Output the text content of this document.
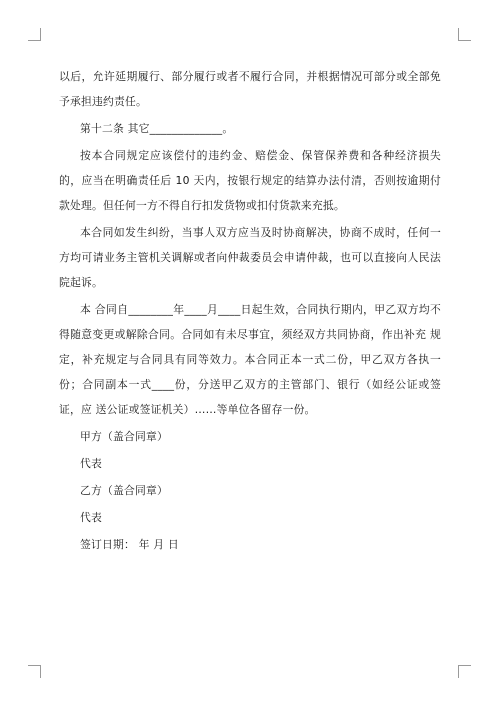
以后，允许延期履行、部分履行或者不履行合同，并根据情况可部分或全部免予承担违约责任。

第十二条 其它_____________。

按本合同规定应该偿付的违约金、赔偿金、保管保养费和各种经济损失的，应当在明确责任后 10 天内，按银行规定的结算办法付清，否则按逾期付款处理。但任何一方不得自行扣发货物或扣付货款来充抵。

本合同如发生纠纷，当事人双方应当及时协商解决，协商不成时，任何一方均可请业务主管机关调解或者向仲裁委员会申请仲裁，也可以直接向人民法院起诉。

本 合同自________年____月____日起生效，合同执行期内，甲乙双方均不得随意变更或解除合同。合同如有未尽事宜，须经双方共同协商，作出补充 规定，补充规定与合同具有同等效力。本合同正本一式二份，甲乙双方各执一份；合同副本一式____份，分送甲乙双方的主管部门、银行（如经公证或签证，应 送公证或签证机关）……等单位各留存一份。

甲方（盖合同章）

代表

乙方（盖合同章）

代表

签订日期： 年 月 日
